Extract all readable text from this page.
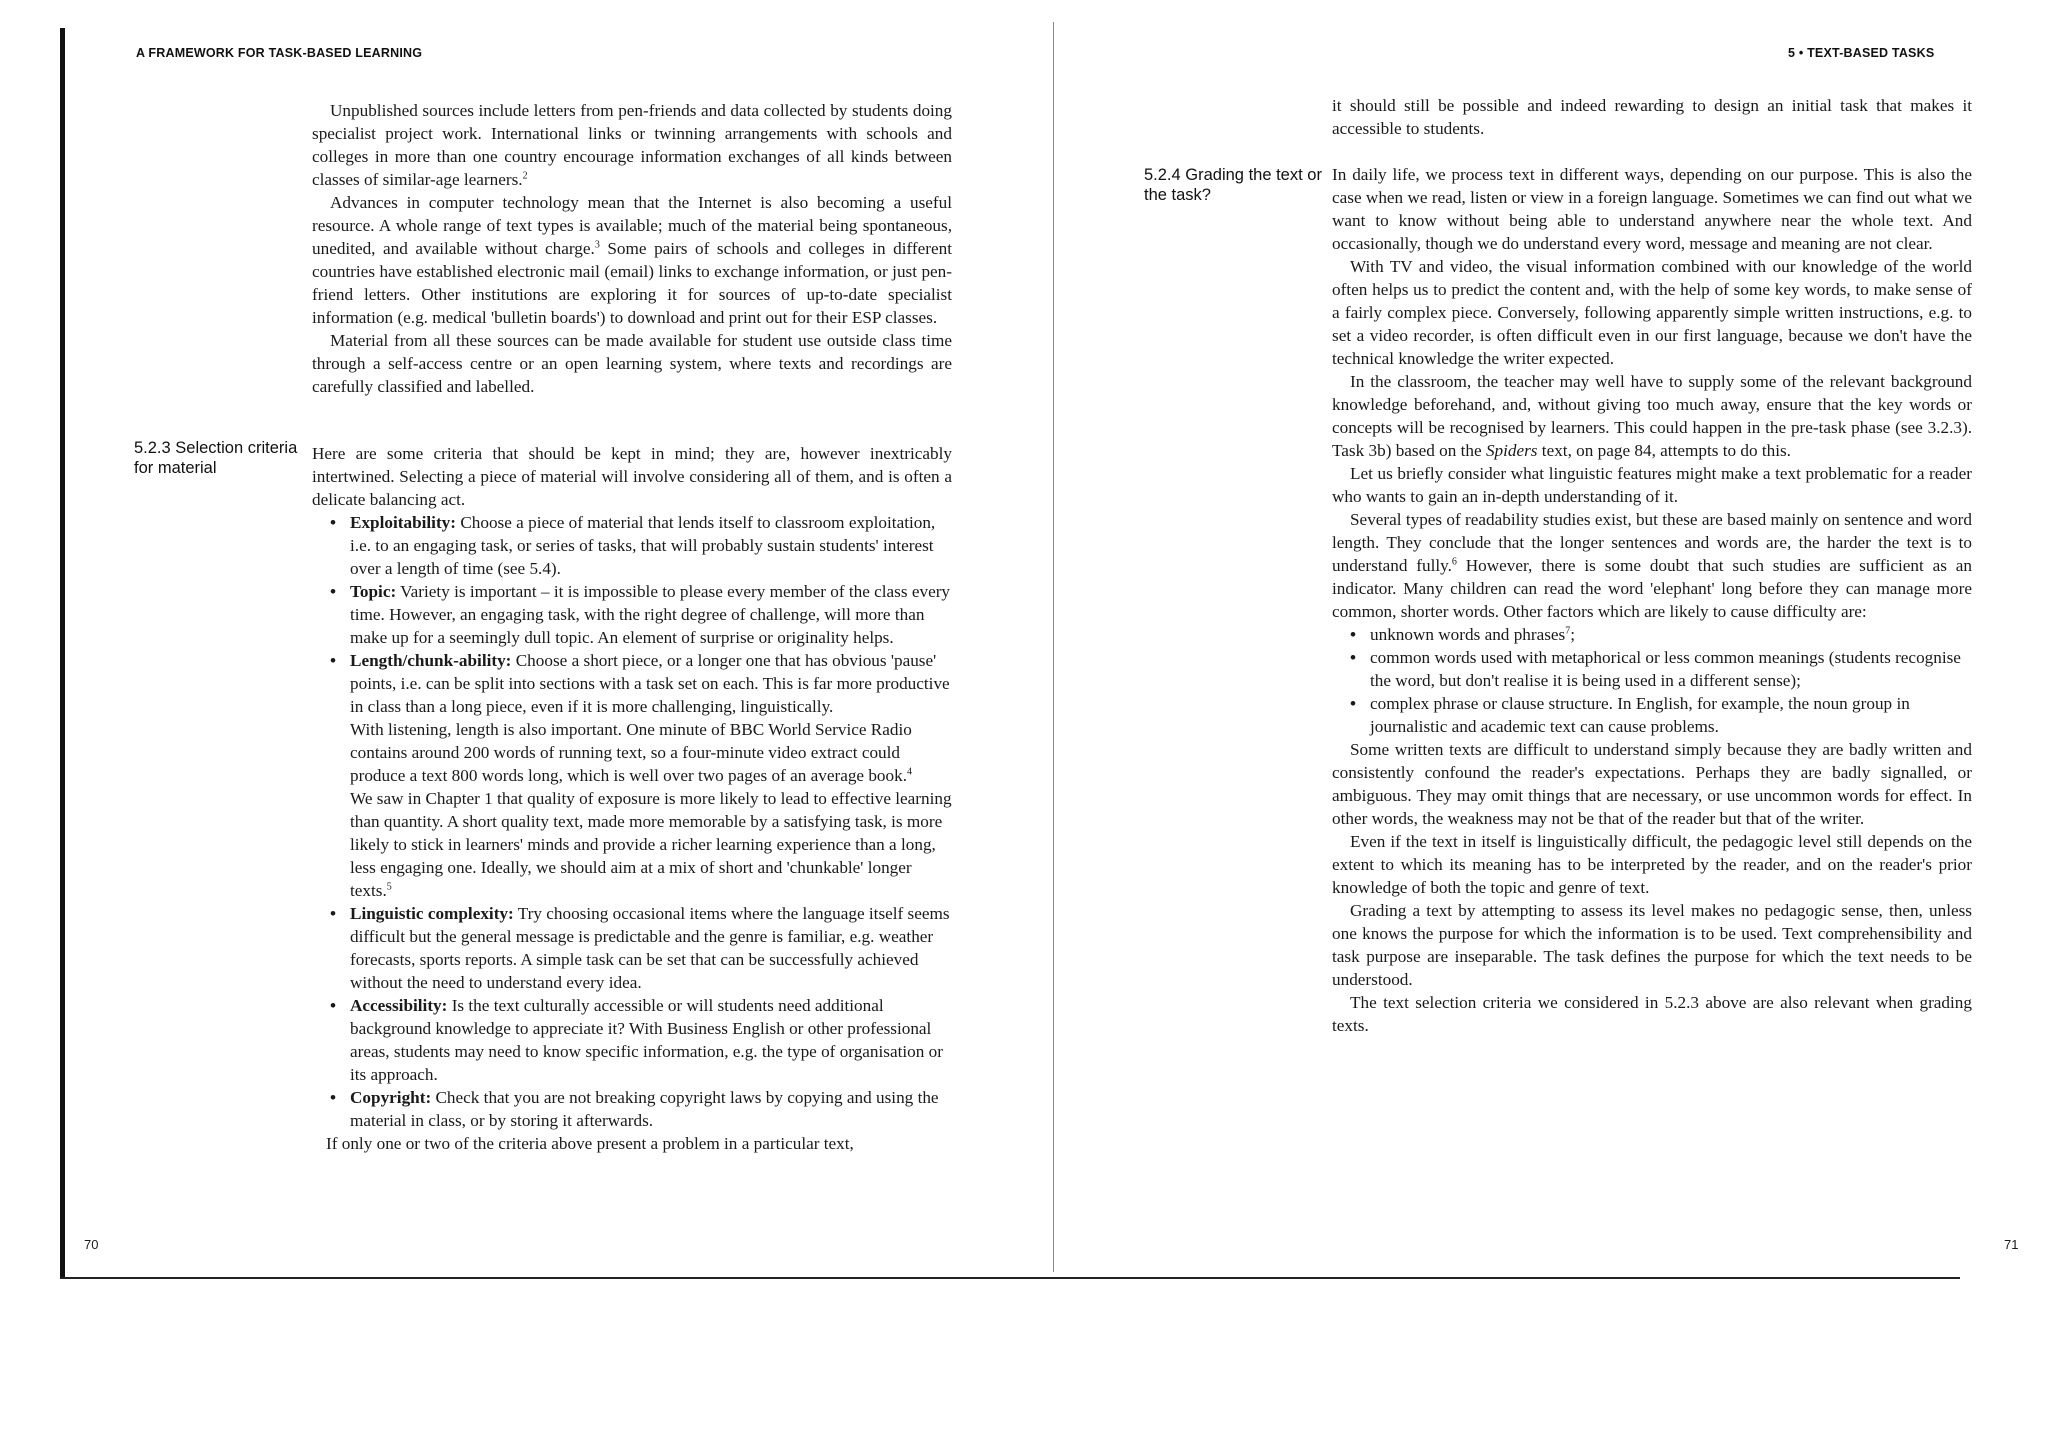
A FRAMEWORK FOR TASK-BASED LEARNING	5 • TEXT-BASED TASKS

Unpublished sources include letters from pen-friends and data collected by students doing specialist project work. International links or twinning arrangements with schools and colleges in more than one country encourage information exchanges of all kinds between classes of similar-age learners.$^2$

Advances in computer technology mean that the Internet is also becoming a useful resource. A whole range of text types is available; much of the material being spontaneous, unedited, and available without charge.$^3$ Some pairs of schools and colleges in different countries have established electronic mail (email) links to exchange information, or just pen-friend letters. Other institutions are exploring it for sources of up-to-date specialist information (e.g. medical 'bulletin boards') to download and print out for their ESP classes.

Material from all these sources can be made available for student use outside class time through a self-access centre or an open learning system, where texts and recordings are carefully classified and labelled.

5.2.3 Selection criteria for material

Here are some criteria that should be kept in mind; they are, however inextricably intertwined. Selecting a piece of material will involve considering all of them, and is often a delicate balancing act.

• Exploitability: Choose a piece of material that lends itself to classroom exploitation, i.e. to an engaging task, or series of tasks, that will probably sustain students' interest over a length of time (see 5.4).
• Topic: Variety is important – it is impossible to please every member of the class every time. However, an engaging task, with the right degree of challenge, will more than make up for a seemingly dull topic. An element of surprise or originality helps.
• Length/chunk-ability: Choose a short piece, or a longer one that has obvious 'pause' points, i.e. can be split into sections with a task set on each. This is far more productive in class than a long piece, even if it is more challenging, linguistically.

With listening, length is also important. One minute of BBC World Service Radio contains around 200 words of running text, so a four-minute video extract could produce a text 800 words long, which is well over two pages of an average book.$^4$

We saw in Chapter 1 that quality of exposure is more likely to lead to effective learning than quantity. A short quality text, made more memorable by a satisfying task, is more likely to stick in learners' minds and provide a richer learning experience than a long, less engaging one. Ideally, we should aim at a mix of short and 'chunkable' longer texts.$^5$

• Linguistic complexity: Try choosing occasional items where the language itself seems difficult but the general message is predictable and the genre is familiar, e.g. weather forecasts, sports reports. A simple task can be set that can be successfully achieved without the need to understand every idea.
• Accessibility: Is the text culturally accessible or will students need additional background knowledge to appreciate it? With Business English or other professional areas, students may need to know specific information, e.g. the type of organisation or its approach.
• Copyright: Check that you are not breaking copyright laws by copying and using the material in class, or by storing it afterwards.

If only one or two of the criteria above present a problem in a particular text,

70

it should still be possible and indeed rewarding to design an initial task that makes it accessible to students.

5.2.4 Grading the text or the task?

In daily life, we process text in different ways, depending on our purpose. This is also the case when we read, listen or view in a foreign language. Sometimes we can find out what we want to know without being able to understand anywhere near the whole text. And occasionally, though we do understand every word, message and meaning are not clear.

With TV and video, the visual information combined with our knowledge of the world often helps us to predict the content and, with the help of some key words, to make sense of a fairly complex piece. Conversely, following apparently simple written instructions, e.g. to set a video recorder, is often difficult even in our first language, because we don't have the technical knowledge the writer expected.

In the classroom, the teacher may well have to supply some of the relevant background knowledge beforehand, and, without giving too much away, ensure that the key words or concepts will be recognised by learners. This could happen in the pre-task phase (see 3.2.3). Task 3b) based on the Spiders text, on page 84, attempts to do this.

Let us briefly consider what linguistic features might make a text problematic for a reader who wants to gain an in-depth understanding of it.

Several types of readability studies exist, but these are based mainly on sentence and word length. They conclude that the longer sentences and words are, the harder the text is to understand fully.$^6$ However, there is some doubt that such studies are sufficient as an indicator. Many children can read the word 'elephant' long before they can manage more common, shorter words. Other factors which are likely to cause difficulty are:

• unknown words and phrases$^7$;
• common words used with metaphorical or less common meanings (students recognise the word, but don't realise it is being used in a different sense);
• complex phrase or clause structure. In English, for example, the noun group in journalistic and academic text can cause problems.

Some written texts are difficult to understand simply because they are badly written and consistently confound the reader's expectations. Perhaps they are badly signalled, or ambiguous. They may omit things that are necessary, or use uncommon words for effect. In other words, the weakness may not be that of the reader but that of the writer.

Even if the text in itself is linguistically difficult, the pedagogic level still depends on the extent to which its meaning has to be interpreted by the reader, and on the reader's prior knowledge of both the topic and genre of text.

Grading a text by attempting to assess its level makes no pedagogic sense, then, unless one knows the purpose for which the information is to be used. Text comprehensibility and task purpose are inseparable. The task defines the purpose for which the text needs to be understood.

The text selection criteria we considered in 5.2.3 above are also relevant when grading texts.

71
